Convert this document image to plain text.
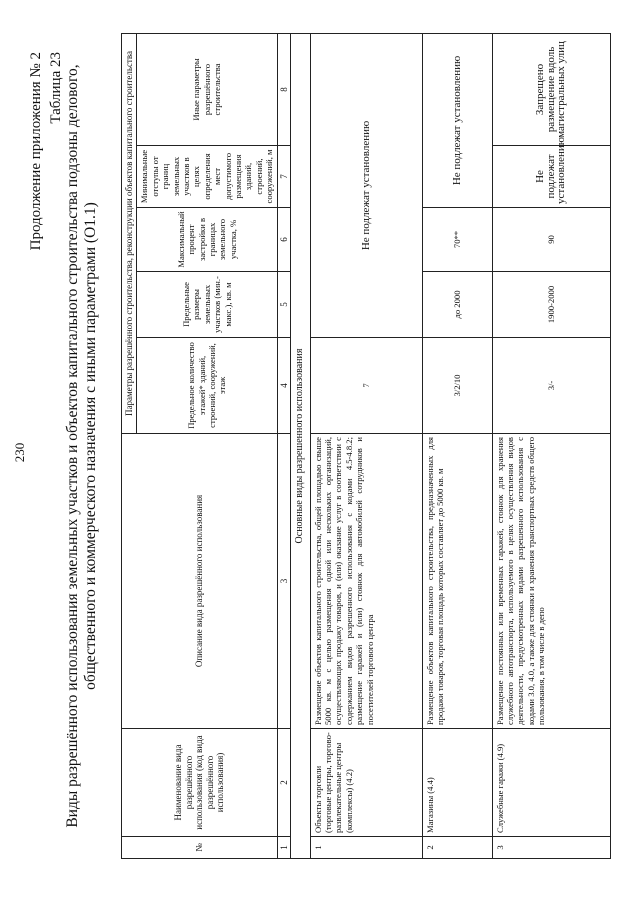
230
Продолжение приложения № 2 Таблица 23 Виды разрешённого использования земельных участков и объектов капитального строительства подзоны делового, общественного и коммерческого назначения с иными параметрами (О1.1)
№	Наименование вида разрешённого использования (код вида разрешённого использования)	Описание вида разрешённого использования	Параметры разрешённого строительства, реконструкции объектов капитального строительства				
			Предельное количество этажей* зданий, строений, сооружений, этаж	Предельные размеры земельных участков (мин.-макс.), кв. м	Максимальный процент застройки в границах земельного участка, %	Минимальные отступы от границ земельных участков в целях определения мест допустимого размещения зданий, строений, сооружений, м	Иные параметры разрешённого строительства
1	2	3	4	5	6	7	8
Основные виды разрешенного использования							
1	Объекты торговли (торговые центры, торгово-развлекательные центры (комплексы) (4.2)	Размещение объектов капитального строительства, общей площадью свыше 5000 кв. м с целью размещения одной или нескольких организаций, осуществляющих продажу товаров, и (или) оказание услуг в соответствии с содержанием видов разрешенного использования с кодами 4.5-4.8.2; размещение гаражей и (или) стоянок для автомобилей сотрудников и посетителей торгового центра	7	Не подлежат установлению			
2	Магазины (4.4)	Размещение объектов капитального строительства, предназначенных для продажи товаров, торговая площадь которых составляет до 5000 кв. м	3/2/10	до 2000	70**	Не подлежат установлению	
3	Служебные гаражи (4.9)	Размещение постоянных или временных гаражей, стоянок для хранения служебного автотранспорта, используемого в целях осуществления видов деятельности, предусмотренных видами разрешенного использования с кодами 3.0, 4.0, а также для стоянки и хранения транспортных средств общего пользования, в том числе в депо	3/-	1900-2000	90	Не подлежат установлению	Запрещено размещение вдоль магистральных улиц
